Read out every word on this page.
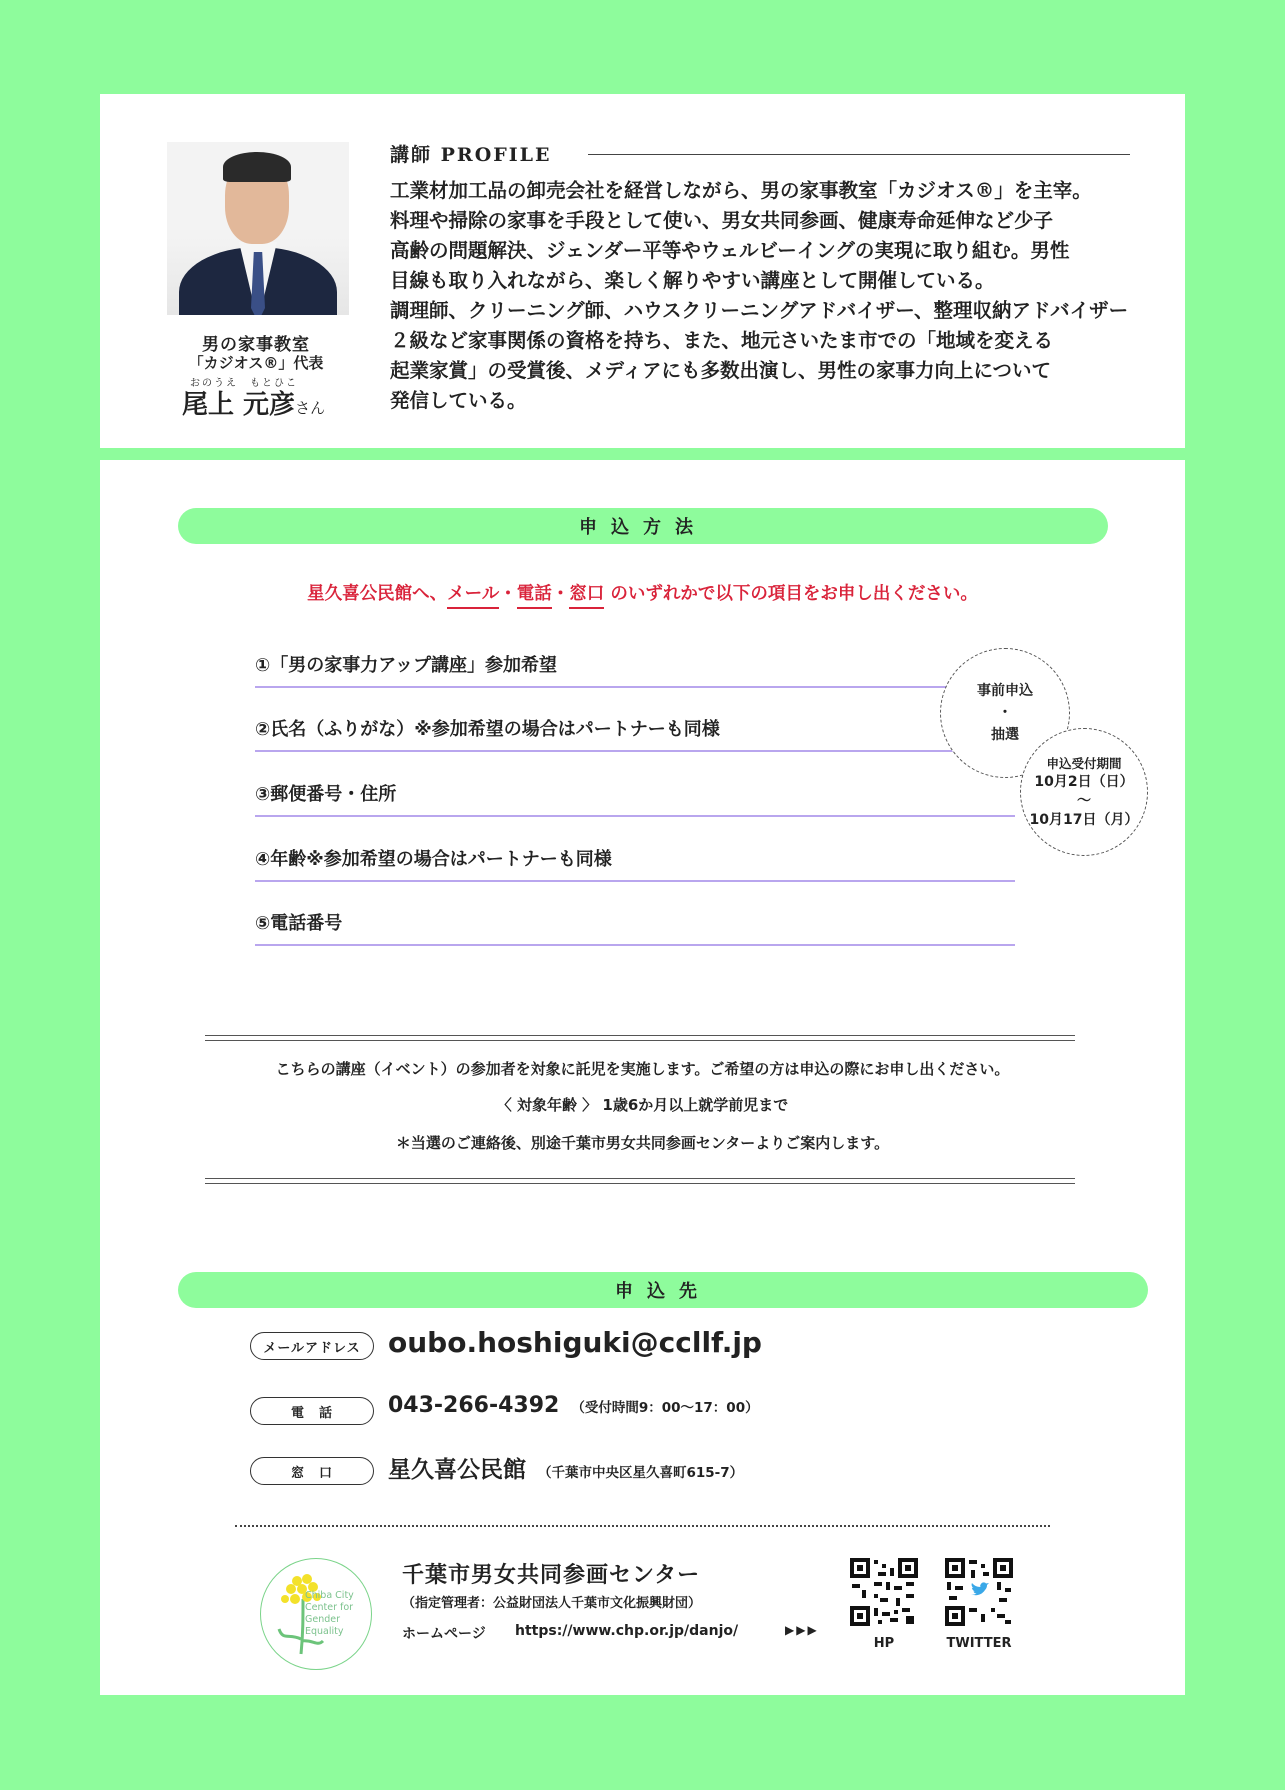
男の家事教室
「カジオス®」代表
おのうえ　もとひこ
尾上 元彦さん
講師 PROFILE

工業材加工品の卸売会社を経営しながら、男の家事教室「カジオス®」を主宰。

料理や掃除の家事を手段として使い、男女共同参画、健康寿命延伸など少子

高齢の問題解決、ジェンダー平等やウェルビーイングの実現に取り組む。男性

目線も取り入れながら、楽しく解りやすい講座として開催している。

調理師、クリーニング師、ハウスクリーニングアドバイザー、整理収納アドバイザー

２級など家事関係の資格を持ち、また、地元さいたま市での「地域を変える

起業家賞」の受賞後、メディアにも多数出演し、男性の家事力向上について

発信している。

申込方法
星久喜公民館へ、メール・電話・窓口 のいずれかで以下の項目をお申し出ください。
①「男の家事力アップ講座」参加希望
②氏名（ふりがな）※参加希望の場合はパートナーも同様
③郵便番号・住所
④年齢※参加希望の場合はパートナーも同様
⑤電話番号
事前申込
・
抽選
申込受付期間
10月2日（日）
〜
10月17日（月）
こちらの講座（イベント）の参加者を対象に託児を実施します。ご希望の方は申込の際にお申し出ください。
〈 対象年齢 〉 1歳6か月以上就学前児まで
＊当選のご連絡後、別途千葉市男女共同参画センターよりご案内します。
申込先
メールアドレス oubo.hoshiguki@ccllf.jp
電　話	043-266-4392 （受付時間9：00〜17：00）
窓　口	星久喜公民館 （千葉市中央区星久喜町615-7）
Chiba City Center for Gender Equality
千葉市男女共同参画センター
（指定管理者：公益財団法人千葉市文化振興財団）
ホームページ https://www.chp.or.jp/danjo/	▶▶▶
HP	TWITTER
